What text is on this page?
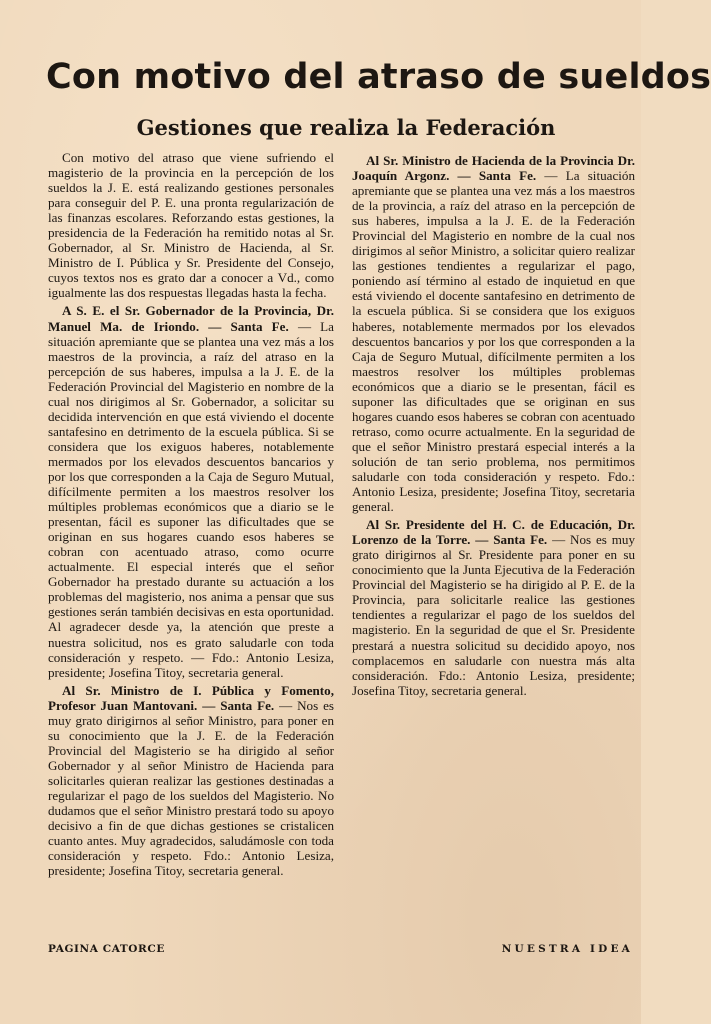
Con motivo del atraso de sueldos
Gestiones que realiza la Federación

Con motivo del atraso que viene sufriendo el magisterio de la provincia en la percepción de los sueldos la J. E. está realizando gestiones personales para conseguir del P. E. una pronta regularización de las finanzas escolares. Reforzando estas gestiones, la presidencia de la Federación ha remitido notas al Sr. Gobernador, al Sr. Ministro de Hacienda, al Sr. Ministro de I. Pública y Sr. Presidente del Consejo, cuyos textos nos es grato dar a conocer a Vd., como igualmente las dos respuestas llegadas hasta la fecha.

A S. E. el Sr. Gobernador de la Provincia, Dr. Manuel Ma. de Iriondo. — Santa Fe. — La situación apremiante que se plantea una vez más a los maestros de la provincia, a raíz del atraso en la percepción de sus haberes, impulsa a la J. E. de la Federación Provincial del Magisterio en nombre de la cual nos dirigimos al Sr. Gobernador, a solicitar su decidida intervención en que está viviendo el docente santafesino en detrimento de la escuela pública. Si se considera que los exiguos haberes, notablemente mermados por los elevados descuentos bancarios y por los que corresponden a la Caja de Seguro Mutual, difícilmente permiten a los maestros resolver los múltiples problemas económicos que a diario se le presentan, fácil es suponer las dificultades que se originan en sus hogares cuando esos haberes se cobran con acentuado atraso, como ocurre actualmente. El especial interés que el señor Gobernador ha prestado durante su actuación a los problemas del magisterio, nos anima a pensar que sus gestiones serán también decisivas en esta oportunidad. Al agradecer desde ya, la atención que preste a nuestra solicitud, nos es grato saludarle con toda consideración y respeto. — Fdo.: Antonio Lesiza, presidente; Josefina Titoy, secretaria general.

Al Sr. Ministro de I. Pública y Fomento, Profesor Juan Mantovani. — Santa Fe. — Nos es muy grato dirigirnos al señor Ministro, para poner en su conocimiento que la J. E. de la Federación Provincial del Magisterio se ha dirigido al señor Gobernador y al señor Ministro de Hacienda para solicitarles quieran realizar las gestiones destinadas a regularizar el pago de los sueldos del Magisterio. No dudamos que el señor Ministro prestará todo su apoyo decisivo a fin de que dichas gestiones se cristalicen cuanto antes. Muy agradecidos, saludámosle con toda consideración y respeto. Fdo.: Antonio Lesiza, presidente; Josefina Titoy, secretaria general.

Al Sr. Ministro de Hacienda de la Provincia Dr. Joaquín Argonz. — Santa Fe. — La situación apremiante que se plantea una vez más a los maestros de la provincia, a raíz del atraso en la percepción de sus haberes, impulsa a la J. E. de la Federación Provincial del Magisterio en nombre de la cual nos dirigimos al señor Ministro, a solicitar quiero realizar las gestiones tendientes a regularizar el pago, poniendo así término al estado de inquietud en que está viviendo el docente santafesino en detrimento de la escuela pública. Si se considera que los exiguos haberes, notablemente mermados por los elevados descuentos bancarios y por los que corresponden a la Caja de Seguro Mutual, difícilmente permiten a los maestros resolver los múltiples problemas económicos que a diario se le presentan, fácil es suponer las dificultades que se originan en sus hogares cuando esos haberes se cobran con acentuado retraso, como ocurre actualmente. En la seguridad de que el señor Ministro prestará especial interés a la solución de tan serio problema, nos permitimos saludarle con toda consideración y respeto. Fdo.: Antonio Lesiza, presidente; Josefina Titoy, secretaria general.

Al Sr. Presidente del H. C. de Educación, Dr. Lorenzo de la Torre. — Santa Fe. — Nos es muy grato dirigirnos al Sr. Presidente para poner en su conocimiento que la Junta Ejecutiva de la Federación Provincial del Magisterio se ha dirigido al P. E. de la Provincia, para solicitarle realice las gestiones tendientes a regularizar el pago de los sueldos del magisterio. En la seguridad de que el Sr. Presidente prestará a nuestra solicitud su decidido apoyo, nos complacemos en saludarle con nuestra más alta consideración. Fdo.: Antonio Lesiza, presidente; Josefina Titoy, secretaria general.

PAGINA CATORCE	NUESTRA IDEA
